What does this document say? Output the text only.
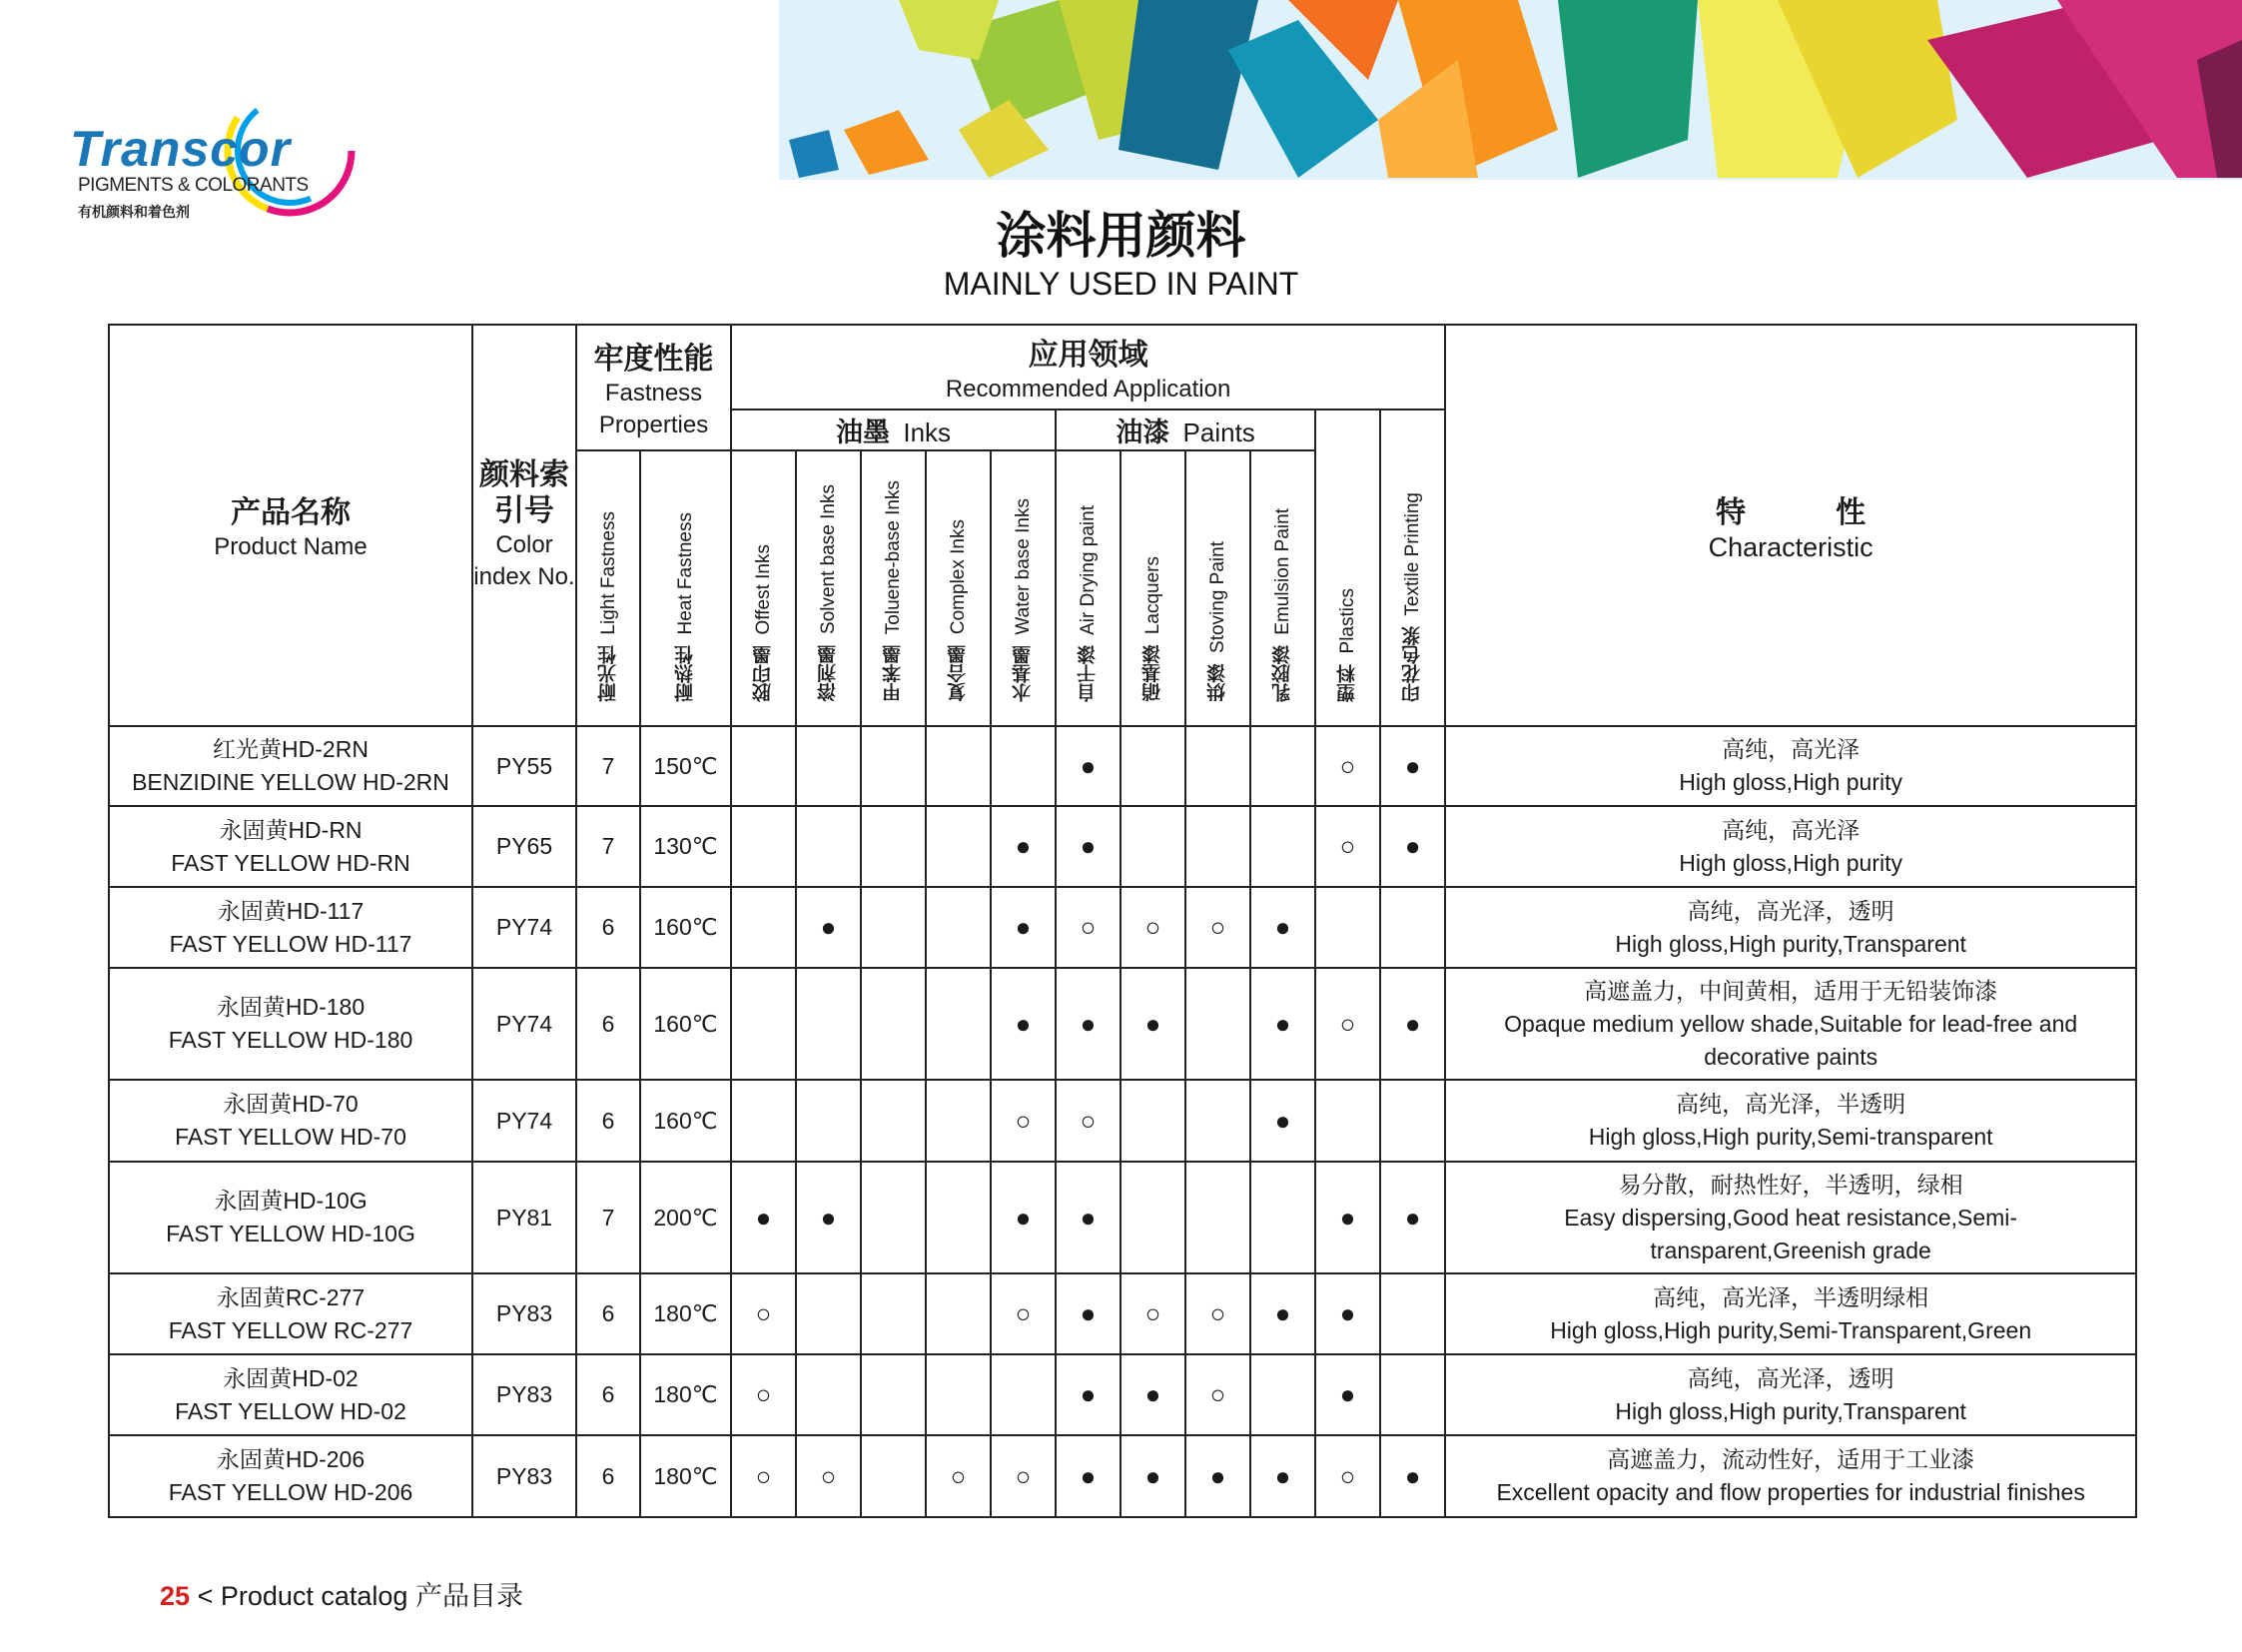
Transcor
PIGMENTS & COLORANTS
有机颜料和着色剂	涂料用颜料
MAINLY USED IN PAINT
产品名称
Product Name	颜料索引号
Color index No.	牢度性能
Fastness Properties		应用领域
Recommended Application											特　　　性
Characteristic

				油墨 Inks					油漆 Paints				塑料  Plastics	印花色浆  Textile Printing	
		耐光性  Light Fastness	耐热性  Heat Fastness	胶印墨  Offest Inks	溶剂墨  Solvent base Inks	甲苯墨  Toluene-base Inks	复合墨  Complex Inks	水基墨  Water base Inks	自干漆  Air Drying paint	硝基漆  Lacquers	烘漆  Stoving Paint	乳胶漆  Emulsion Paint			

红光黄HD-2RN
BENZIDINE YELLOW HD-2RN	PY55	7	150℃						●				○	●	高纯，高光泽
High gloss,High purity

永固黄HD-RN
FAST YELLOW HD-RN	PY65	7	130℃					●	●				○	●	高纯，高光泽
High gloss,High purity

永固黄HD-117
FAST YELLOW HD-117	PY74	6	160℃		●			●	○	○	○	●			高纯，高光泽，透明
High gloss,High purity,Transparent

永固黄HD-180
FAST YELLOW HD-180	PY74	6	160℃					●	●	●		●	○	●	高遮盖力，中间黄相，适用于无铅装饰漆
Opaque medium yellow shade,Suitable for lead-free and
decorative paints

永固黄HD-70
FAST YELLOW HD-70	PY74	6	160℃					○	○			●			高纯，高光泽，半透明
High gloss,High purity,Semi-transparent

永固黄HD-10G
FAST YELLOW HD-10G	PY81	7	200℃	●	●			●	●				●	●	易分散，耐热性好，半透明，绿相
Easy dispersing,Good heat resistance,Semi-
transparent,Greenish grade

永固黄RC-277
FAST YELLOW RC-277	PY83	6	180℃	○				○	●	○	○	●	●		高纯，高光泽，半透明绿相
High gloss,High purity,Semi-Transparent,Green

永固黄HD-02
FAST YELLOW HD-02	PY83	6	180℃	○					●	●	○		●		高纯，高光泽，透明
High gloss,High purity,Transparent

永固黄HD-206
FAST YELLOW HD-206	PY83	6	180℃	○	○		○	○	●	●	●	●	○	●	高遮盖力，流动性好，适用于工业漆
Excellent opacity and flow properties for industrial finishes
25 < Product catalog 产品目录
